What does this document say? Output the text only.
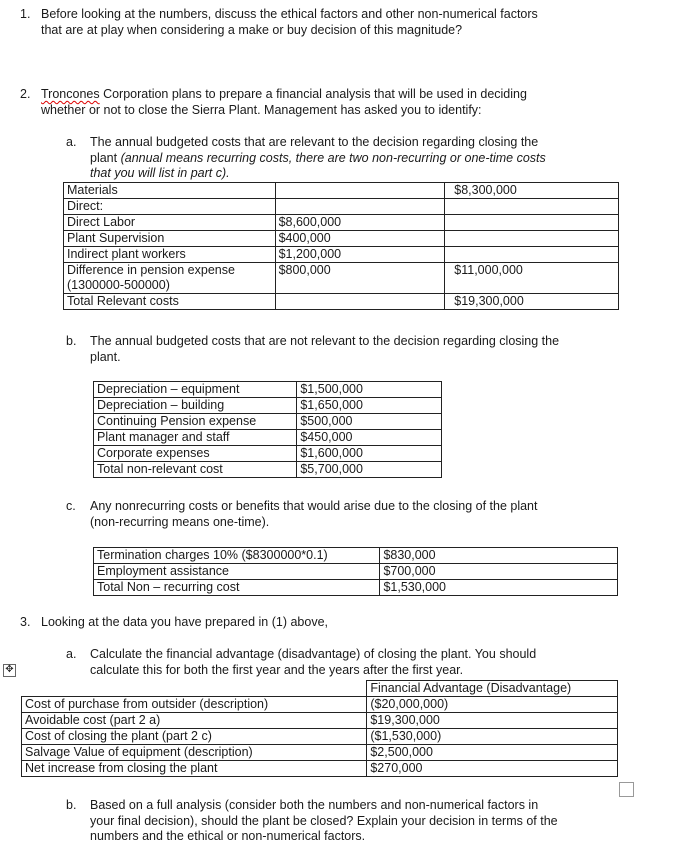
1. Before looking at the numbers, discuss the ethical factors and other non-numerical factors
that are at play when considering a make or buy decision of this magnitude?
2. Troncones Corporation plans to prepare a financial analysis that will be used in deciding
whether or not to close the Sierra Plant. Management has asked you to identify:
a. The annual budgeted costs that are relevant to the decision regarding closing the
plant (annual means recurring costs, there are two non-recurring or one-time costs
that you will list in part c).
Materials		$8,300,000
Direct:		
Direct Labor	$8,600,000	
Plant Supervision	$400,000	
Indirect plant workers	$1,200,000	

Difference in pension expense
(1300000-500000)	$800,000	$11,000,000
Total Relevant costs		$19,300,000
b. The annual budgeted costs that are not relevant to the decision regarding closing the
plant.
Depreciation – equipment	$1,500,000
Depreciation – building	$1,650,000
Continuing Pension expense	$500,000
Plant manager and staff	$450,000
Corporate expenses	$1,600,000
Total non-relevant cost	$5,700,000
c. Any nonrecurring costs or benefits that would arise due to the closing of the plant
(non-recurring means one-time).
Termination charges 10% ($8300000*0.1)	$830,000
Employment assistance	$700,000
Total Non – recurring cost	$1,530,000
3. Looking at the data you have prepared in (1) above,
a. Calculate the financial advantage (disadvantage) of closing the plant. You should
calculate this for both the first year and the years after the first year.
✥
	Financial Advantage (Disadvantage)
Cost of purchase from outsider (description)	($20,000,000)
Avoidable cost (part 2 a)	$19,300,000
Cost of closing the plant (part 2 c)	($1,530,000)
Salvage Value of equipment (description)	$2,500,000
Net increase from closing the plant	$270,000
b. Based on a full analysis (consider both the numbers and non-numerical factors in
your final decision), should the plant be closed? Explain your decision in terms of the
numbers and the ethical or non-numerical factors.
